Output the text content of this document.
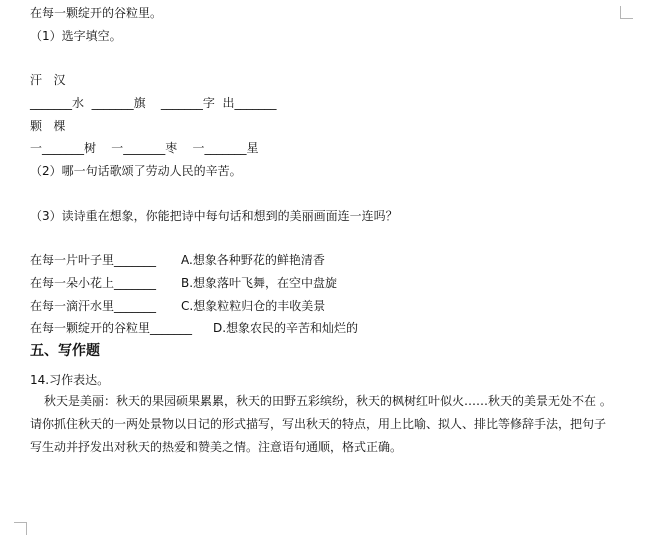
在每一颗绽开的谷粒里。
（1）选字填空。
汗   汉
_______水  _______旗    _______字  出_______
颗   棵
一_______树    一_______枣    一_______星
（2）哪一句话歌颂了劳动人民的辛苦。
（3）读诗重在想象，你能把诗中每句话和想到的美丽画面连一连吗？
在每一片叶子里_______ A.想象各种野花的鲜艳清香
在每一朵小花上_______ B.想象落叶飞舞，在空中盘旋
在每一滴汗水里_______ C.想象粒粒归仓的丰收美景
在每一颗绽开的谷粒里_______ D.想象农民的辛苦和灿烂的
五、写作题
14.习作表达。
秋天是美丽：秋天的果园硕果累累，秋天的田野五彩缤纷，秋天的枫树红叶似火……秋天的美景无处不在 。请你抓住秋天的一两处景物以日记的形式描写，写出秋天的特点，用上比喻、拟人、排比等修辞手法，把句子写生动并抒发出对秋天的热爱和赞美之情。注意语句通顺，格式正确。
